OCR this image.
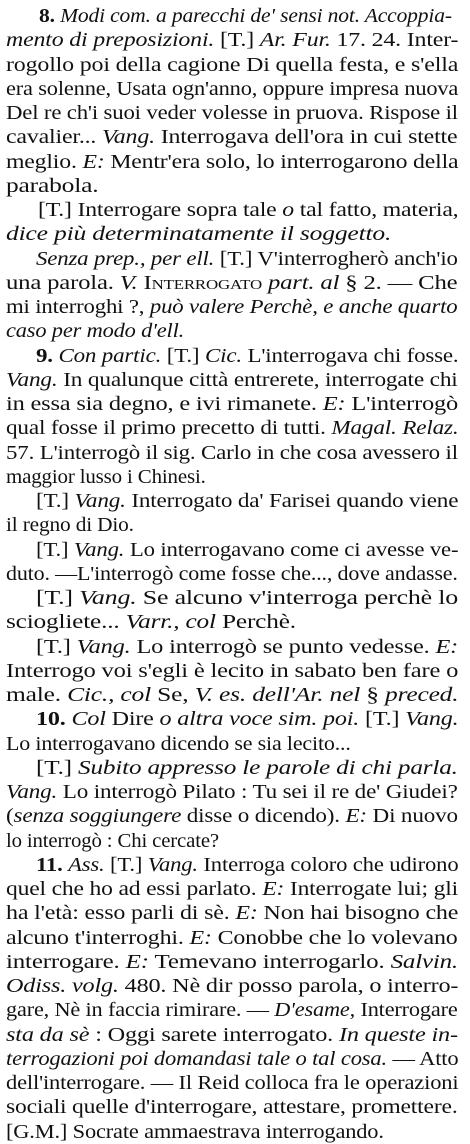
8. Modi com. a parecchi de' sensi not. Accoppia-
mento di preposizioni. [T.] Ar. Fur. 17. 24. Inter-
rogollo poi della cagione Di quella festa, e s'ella
era solenne, Usata ogn'anno, oppure impresa nuova
Del re ch'i suoi veder volesse in pruova. Rispose il
cavalier... Vang. Interrogava dell'ora in cui stette
meglio. E: Mentr'era solo, lo interrogarono della
parabola.
[T.] Interrogare sopra tale o tal fatto, materia,
dice più determinatamente il soggetto.
Senza prep., per ell. [T.] V'interrogherò anch'io
una parola. V. Interrogato part. al § 2. — Che
mi interroghi ?, può valere Perchè, e anche quarto
caso per modo d'ell.
9. Con partic. [T.] Cic. L'interrogava chi fosse.
Vang. In qualunque città entrerete, interrogate chi
in essa sia degno, e ivi rimanete. E: L'interrogò
qual fosse il primo precetto di tutti. Magal. Relaz.
57. L'interrogò il sig. Carlo in che cosa avessero il
maggior lusso i Chinesi.
[T.] Vang. Interrogato da' Farisei quando viene
il regno di Dio.
[T.] Vang. Lo interrogavano come ci avesse ve-
duto. —L'interrogò come fosse che..., dove andasse.
[T.] Vang. Se alcuno v'interroga perchè lo
sciogliete... Varr., col Perchè.
[T.] Vang. Lo interrogò se punto vedesse. E:
Interrogo voi s'egli è lecito in sabato ben fare o
male. Cic., col Se, V. es. dell'Ar. nel § preced.
10. Col Dire o altra voce sim. poi. [T.] Vang.
Lo interrogavano dicendo se sia lecito...
[T.] Subito appresso le parole di chi parla.
Vang. Lo interrogò Pilato : Tu sei il re de' Giudei?
(senza soggiungere disse o dicendo). E: Di nuovo
lo interrogò : Chi cercate?
11. Ass. [T.] Vang. Interroga coloro che udirono
quel che ho ad essi parlato. E: Interrogate lui; gli
ha l'età: esso parli di sè. E: Non hai bisogno che
alcuno t'interroghi. E: Conobbe che lo volevano
interrogare. E: Temevano interrogarlo. Salvin.
Odiss. volg. 480. Nè dir posso parola, o interro-
gare, Nè in faccia rimirare. — D'esame, Interrogare
sta da sè : Oggi sarete interrogato. In queste in-
terrogazioni poi domandasi tale o tal cosa. — Atto
dell'interrogare. — Il Reid colloca fra le operazioni
sociali quelle d'interrogare, attestare, promettere.
[G.M.] Socrate ammaestrava interrogando.
